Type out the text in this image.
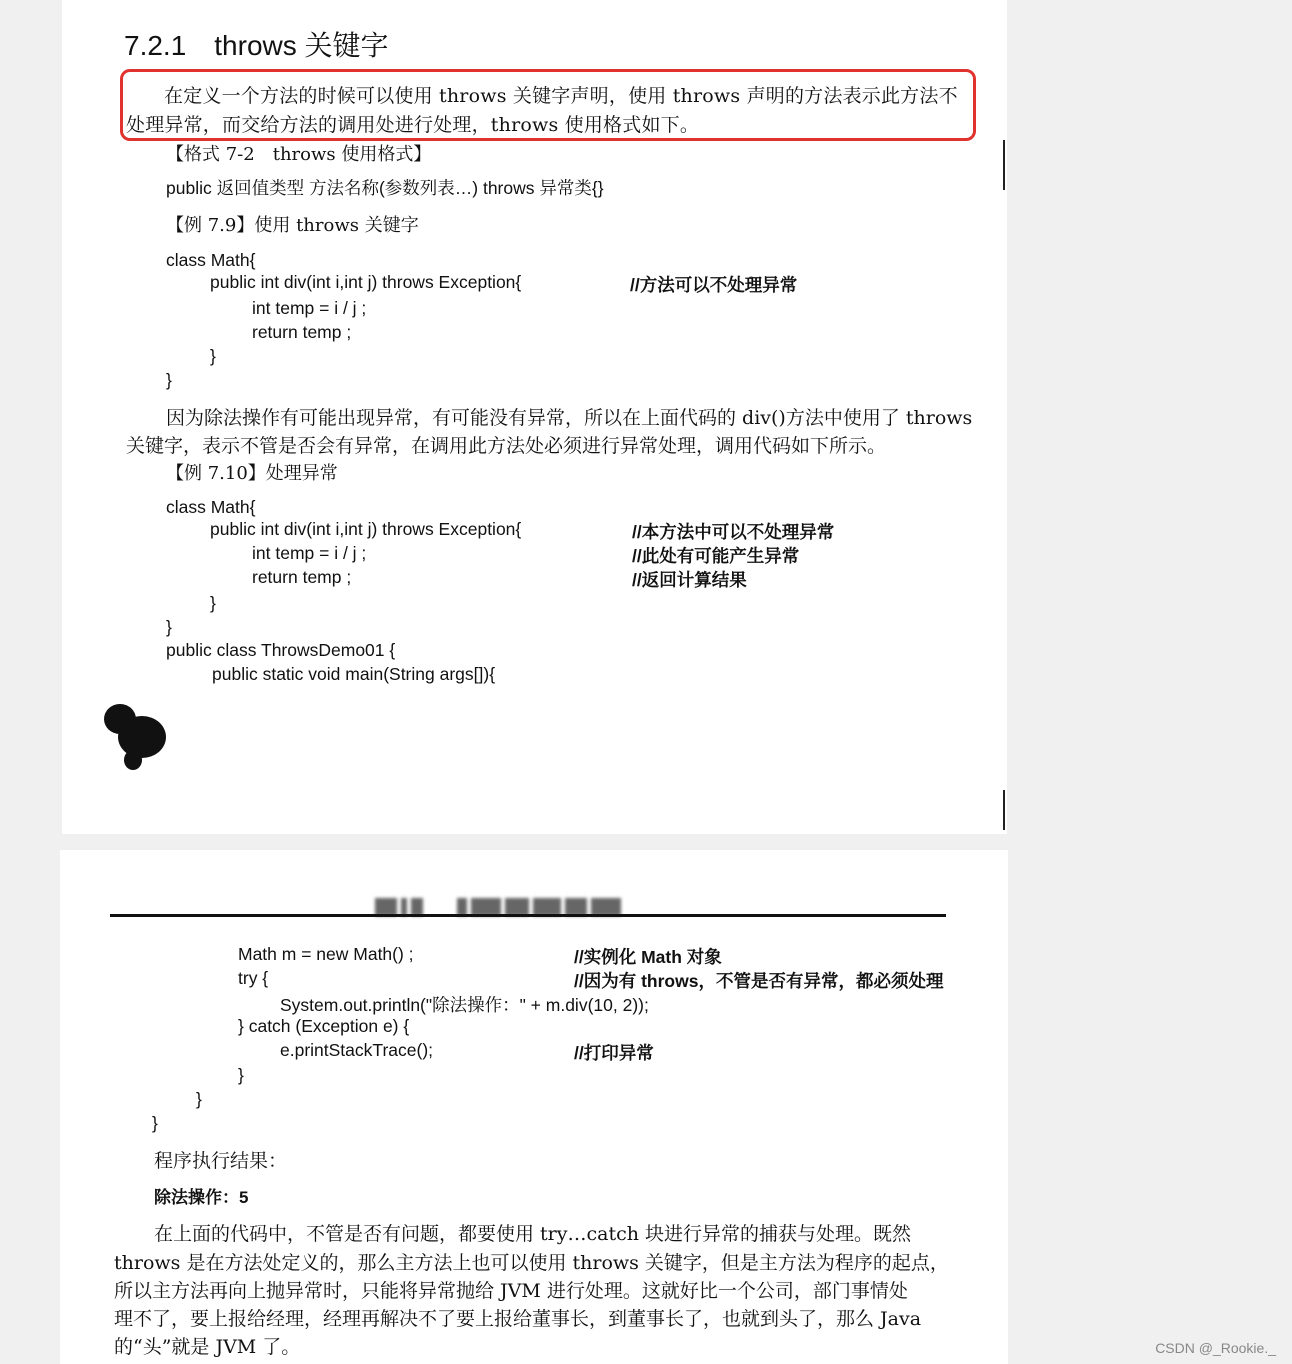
7.2.1　throws 关键字
在定义一个方法的时候可以使用 throws 关键字声明，使用 throws 声明的方法表示此方法不
处理异常，而交给方法的调用处进行处理，throws 使用格式如下。
【格式 7-2　throws 使用格式】
public 返回值类型 方法名称(参数列表…) throws 异常类{}
【例 7.9】使用 throws 关键字
class Math{
public int div(int i,int j) throws Exception{	//方法可以不处理异常
int temp = i / j ;
return temp ;
}
}
因为除法操作有可能出现异常，有可能没有异常，所以在上面代码的 div()方法中使用了 throws
关键字，表示不管是否会有异常，在调用此方法处必须进行异常处理，调用代码如下所示。
【例 7.10】处理异常
class Math{
public int div(int i,int j) throws Exception{	//本方法中可以不处理异常
int temp = i / j ;	//此处有可能产生异常
return temp ;	//返回计算结果
}
}
public class ThrowsDemo01 {
public static void main(String args[]){
Math m = new Math() ;	//实例化 Math 对象
try {	//因为有 throws，不管是否有异常，都必须处理
System.out.println("除法操作：" + m.div(10, 2));
} catch (Exception e) {
e.printStackTrace();	//打印异常
}
}
}
程序执行结果：
除法操作：5
在上面的代码中，不管是否有问题，都要使用 try…catch 块进行异常的捕获与处理。既然
throws 是在方法处定义的，那么主方法上也可以使用 throws 关键字，但是主方法为程序的起点，
所以主方法再向上抛异常时，只能将异常抛给 JVM 进行处理。这就好比一个公司，部门事情处
理不了，要上报给经理，经理再解决不了要上报给董事长，到董事长了，也就到头了，那么 Java
的“头”就是 JVM 了。	CSDN @_Rookie._
